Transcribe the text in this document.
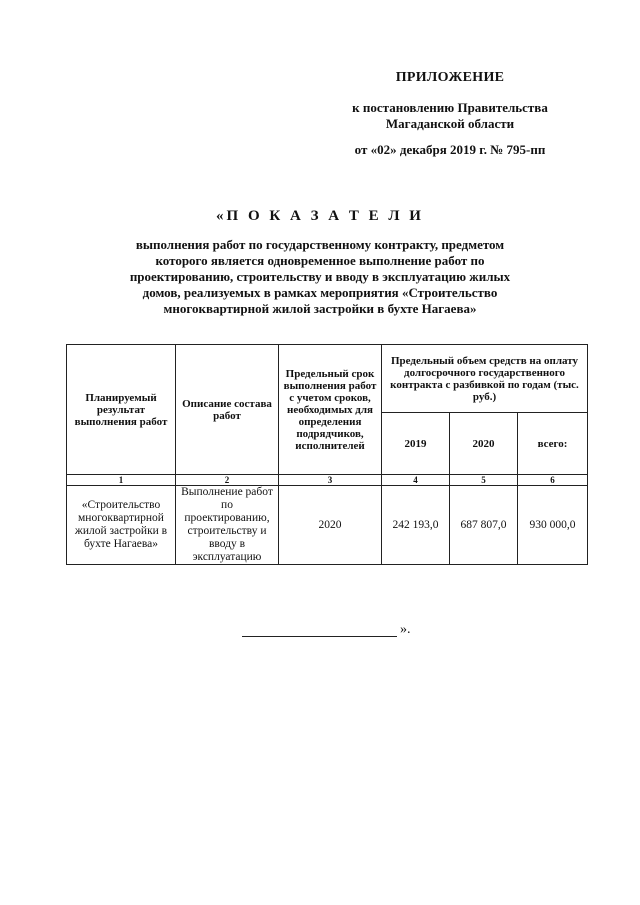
ПРИЛОЖЕНИЕ
к постановлению Правительства
Магаданской области
от «02» декабря 2019 г. № 795-пп
«П О К А З А Т Е Л И
выполнения работ по государственному контракту, предметом
которого является одновременное выполнение работ по
проектированию, строительству и вводу в эксплуатацию жилых
домов, реализуемых в рамках мероприятия «Строительство
многоквартирной жилой застройки в бухте Нагаева»
Планируемый результат выполнения работ	Описание состава работ	Предельный срок выполнения работ с учетом сроков, необходимых для определения подрядчиков, исполнителей	Предельный объем средств на оплату долгосрочного государственного контракта с разбивкой по годам (тыс. руб.)		
			2019	2020	всего:
1	2	3	4	5	6
«Строительство многоквартирной жилой застройки в бухте Нагаева»	Выполнение работ по проектированию, строительству и вводу в эксплуатацию	2020	242 193,0	687 807,0	930 000,0
».
